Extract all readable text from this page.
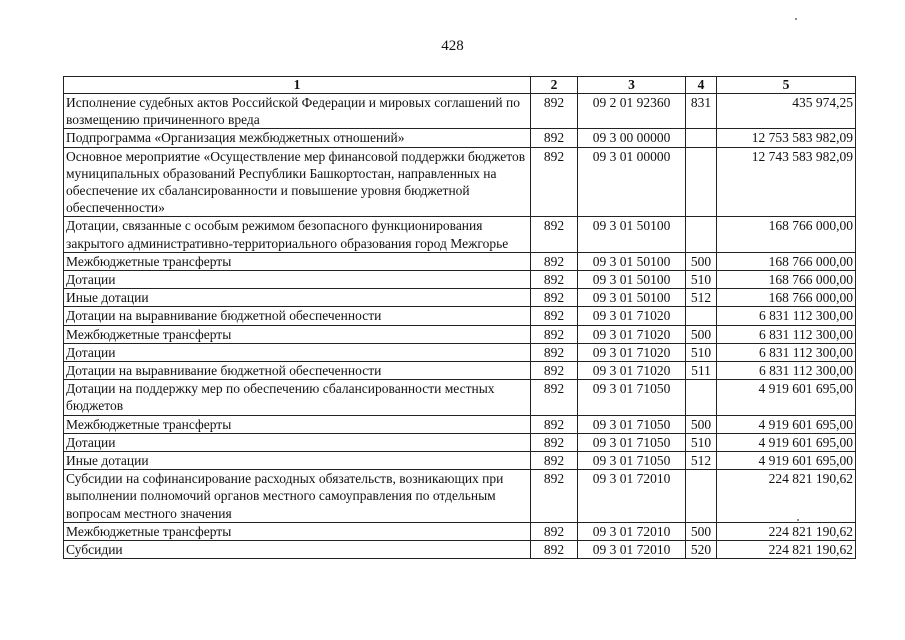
428
1	2	3	4	5
Исполнение судебных актов Российской Федерации и мировых соглашений по возмещению причиненного вреда	892	09 2 01 92360	831	435 974,25
Подпрограмма «Организация межбюджетных отношений»	892	09 3 00 00000		12 753 583 982,09
Основное мероприятие «Осуществление мер финансовой поддержки бюджетов муниципальных образований Республики Башкортостан, направленных на обеспечение их сбалансированности и повышение уровня бюджетной обеспеченности»	892	09 3 01 00000		12 743 583 982,09
Дотации, связанные с особым режимом безопасного функционирования закрытого административно-территориального образования город Межгорье	892	09 3 01 50100		168 766 000,00
Межбюджетные трансферты	892	09 3 01 50100	500	168 766 000,00
Дотации	892	09 3 01 50100	510	168 766 000,00
Иные дотации	892	09 3 01 50100	512	168 766 000,00
Дотации на выравнивание бюджетной обеспеченности	892	09 3 01 71020		6 831 112 300,00
Межбюджетные трансферты	892	09 3 01 71020	500	6 831 112 300,00
Дотации	892	09 3 01 71020	510	6 831 112 300,00
Дотации на выравнивание бюджетной обеспеченности	892	09 3 01 71020	511	6 831 112 300,00
Дотации на поддержку мер по обеспечению сбалансированности местных бюджетов	892	09 3 01 71050		4 919 601 695,00
Межбюджетные трансферты	892	09 3 01 71050	500	4 919 601 695,00
Дотации	892	09 3 01 71050	510	4 919 601 695,00
Иные дотации	892	09 3 01 71050	512	4 919 601 695,00
Субсидии на софинансирование расходных обязательств, возникающих при выполнении полномочий органов местного самоуправления по отдельным вопросам местного значения	892	09 3 01 72010		224 821 190,62
Межбюджетные трансферты	892	09 3 01 72010	500	224 821 190,62
Субсидии	892	09 3 01 72010	520	224 821 190,62
